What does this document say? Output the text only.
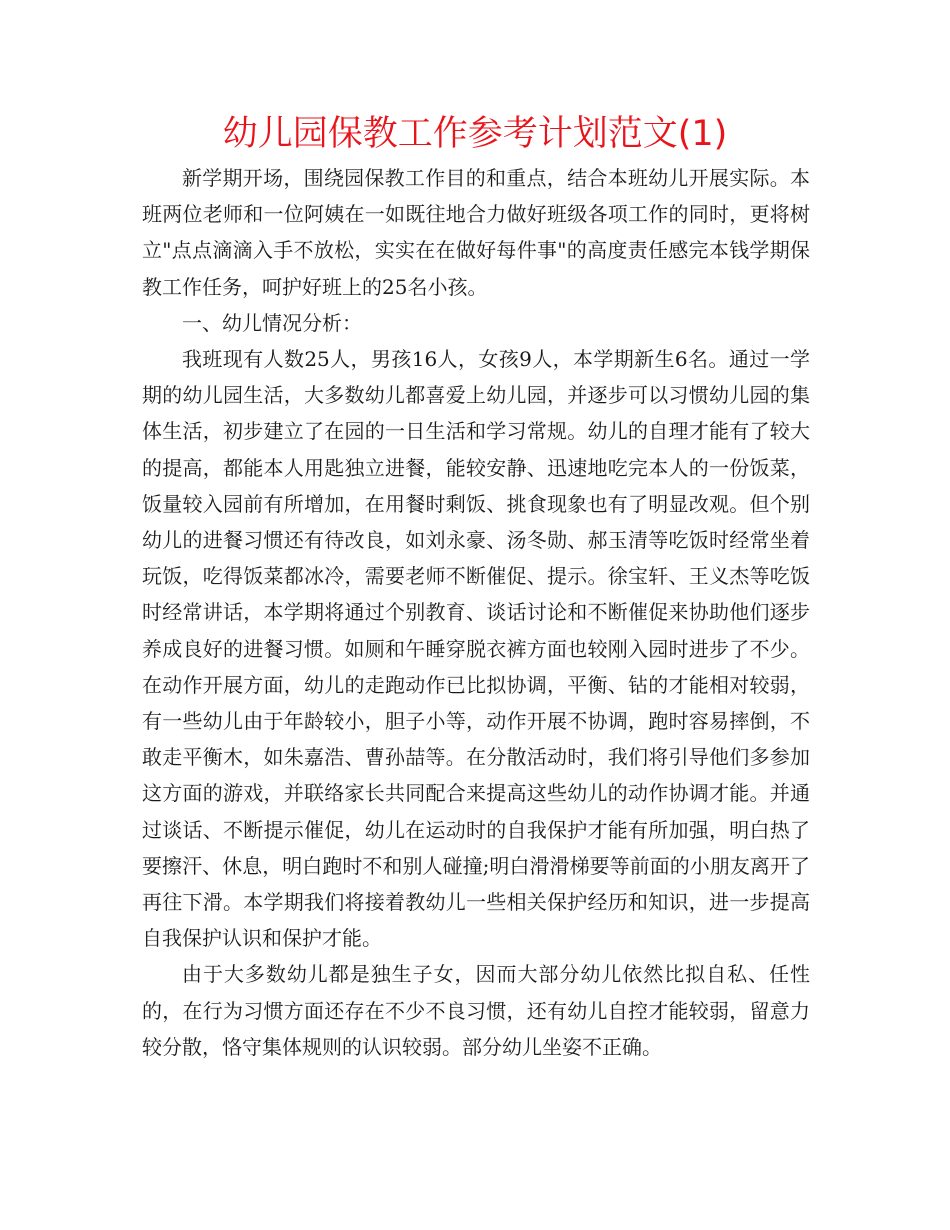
幼儿园保教工作参考计划范文(1)

新学期开场，围绕园保教工作目的和重点，结合本班幼儿开展实际。本班两位老师和一位阿姨在一如既往地合力做好班级各项工作的同时，更将树立"点点滴滴入手不放松，实实在在做好每件事"的高度责任感完本钱学期保教工作任务，呵护好班上的25名小孩。

一、幼儿情况分析：

我班现有人数25人，男孩16人，女孩9人，本学期新生6名。通过一学期的幼儿园生活，大多数幼儿都喜爱上幼儿园，并逐步可以习惯幼儿园的集体生活，初步建立了在园的一日生活和学习常规。幼儿的自理才能有了较大的提高，都能本人用匙独立进餐，能较安静、迅速地吃完本人的一份饭菜，饭量较入园前有所增加，在用餐时剩饭、挑食现象也有了明显改观。但个别幼儿的进餐习惯还有待改良，如刘永豪、汤冬勋、郝玉清等吃饭时经常坐着玩饭，吃得饭菜都冰冷，需要老师不断催促、提示。徐宝轩、王义杰等吃饭时经常讲话，本学期将通过个别教育、谈话讨论和不断催促来协助他们逐步养成良好的进餐习惯。如厕和午睡穿脱衣裤方面也较刚入园时进步了不少。在动作开展方面，幼儿的走跑动作已比拟协调，平衡、钻的才能相对较弱，有一些幼儿由于年龄较小，胆子小等，动作开展不协调，跑时容易摔倒，不敢走平衡木，如朱嘉浩、曹孙喆等。在分散活动时，我们将引导他们多参加这方面的游戏，并联络家长共同配合来提高这些幼儿的动作协调才能。并通过谈话、不断提示催促，幼儿在运动时的自我保护才能有所加强，明白热了要擦汗、休息，明白跑时不和别人碰撞;明白滑滑梯要等前面的小朋友离开了再往下滑。本学期我们将接着教幼儿一些相关保护经历和知识，进一步提高自我保护认识和保护才能。

由于大多数幼儿都是独生子女，因而大部分幼儿依然比拟自私、任性的，在行为习惯方面还存在不少不良习惯，还有幼儿自控才能较弱，留意力较分散，恪守集体规则的认识较弱。部分幼儿坐姿不正确。
